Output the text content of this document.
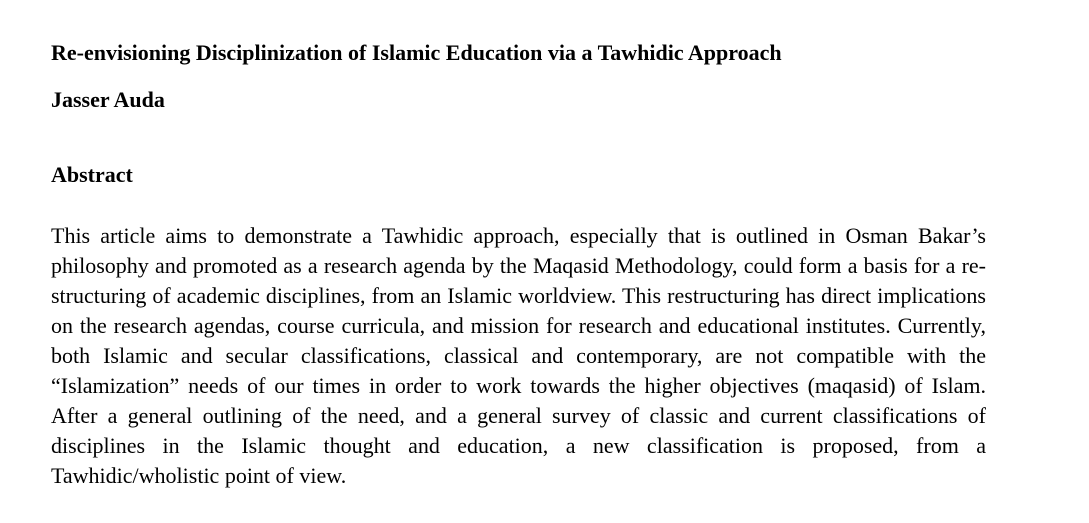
Re-envisioning Disciplinization of Islamic Education via a Tawhidic Approach
Jasser Auda
Abstract

This article aims to demonstrate a Tawhidic approach, especially that is outlined in Osman Bakar’s philosophy and promoted as a research agenda by the Maqasid Methodology, could form a basis for a re-structuring of academic disciplines, from an Islamic worldview. This restructuring has direct implications on the research agendas, course curricula, and mission for research and educational institutes. Currently, both Islamic and secular classifications, classical and contemporary, are not compatible with the “Islamization” needs of our times in order to work towards the higher objectives (maqasid) of Islam. After a general outlining of the need, and a general survey of classic and current classifications of disciplines in the Islamic thought and education, a new classification is proposed, from a Tawhidic/wholistic point of view.
